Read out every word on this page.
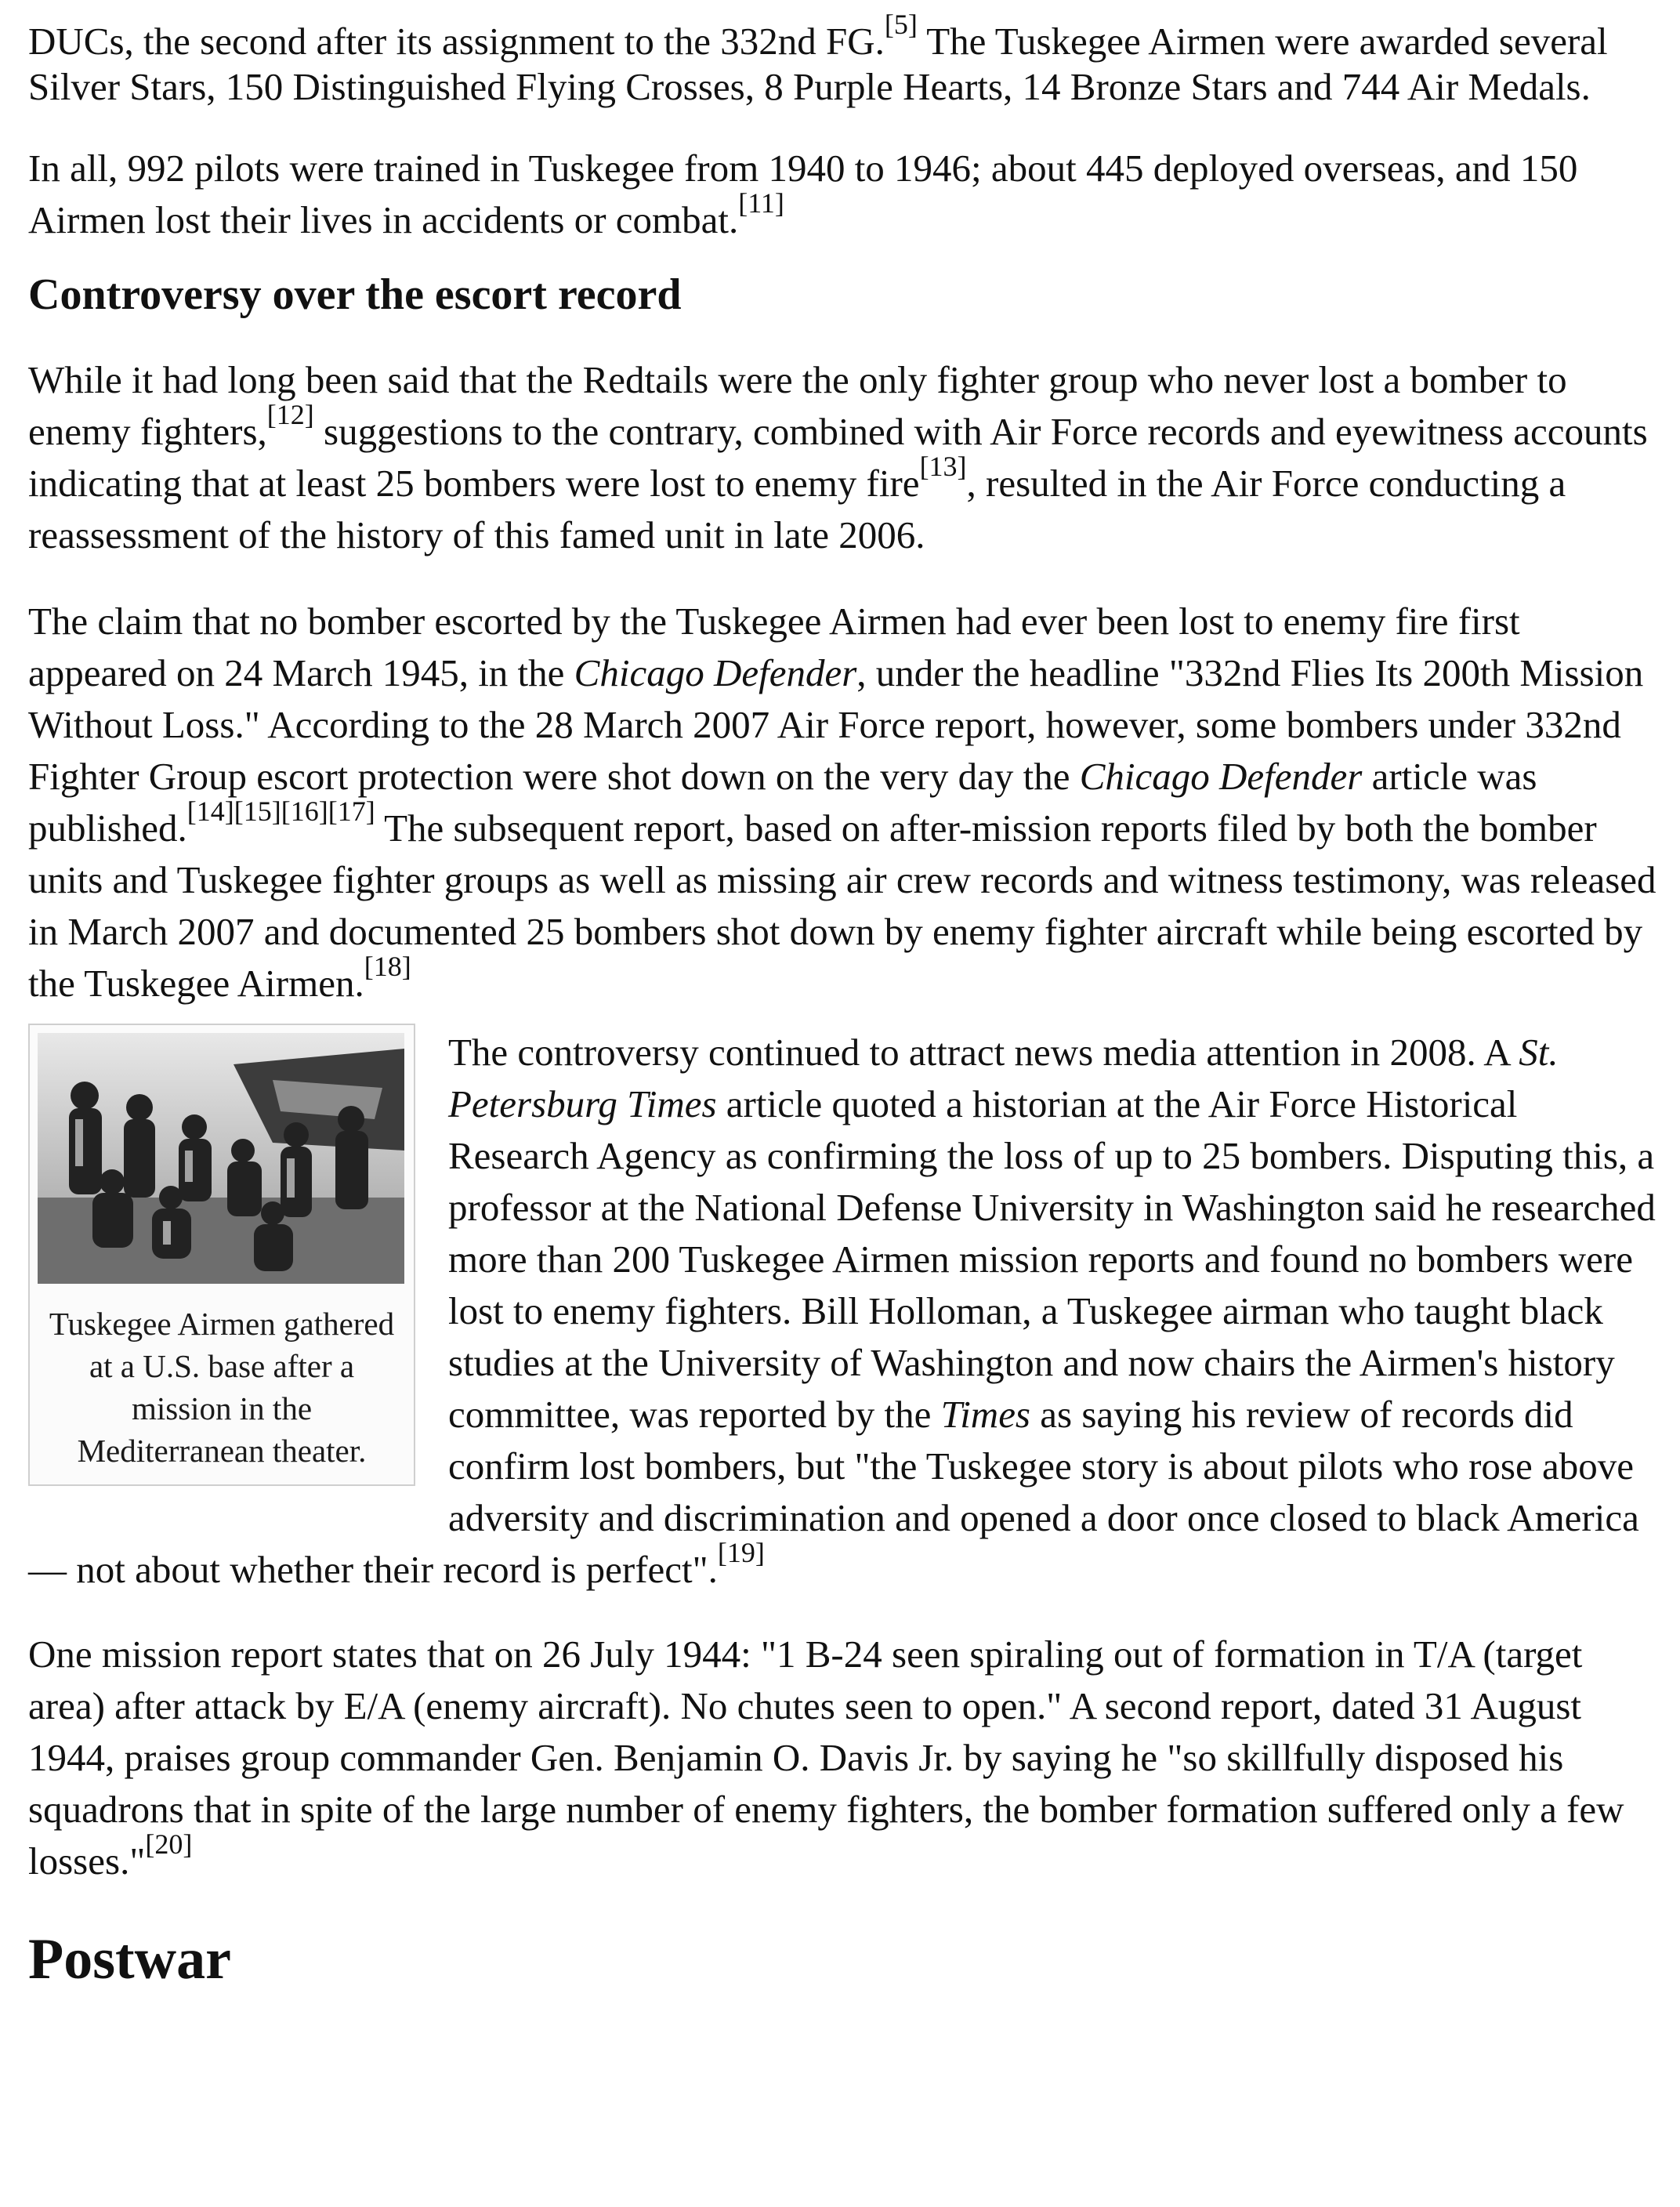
DUCs, the second after its assignment to the 332nd FG.[5] The Tuskegee Airmen were awarded several Silver Stars, 150 Distinguished Flying Crosses, 8 Purple Hearts, 14 Bronze Stars and 744 Air Medals.

In all, 992 pilots were trained in Tuskegee from 1940 to 1946; about 445 deployed overseas, and 150 Airmen lost their lives in accidents or combat.[11]

Controversy over the escort record

While it had long been said that the Redtails were the only fighter group who never lost a bomber to enemy fighters,[12] suggestions to the contrary, combined with Air Force records and eyewitness accounts indicating that at least 25 bombers were lost to enemy fire[13], resulted in the Air Force conducting a reassessment of the history of this famed unit in late 2006.

The claim that no bomber escorted by the Tuskegee Airmen had ever been lost to enemy fire first appeared on 24 March 1945, in the Chicago Defender, under the headline "332nd Flies Its 200th Mission Without Loss." According to the 28 March 2007 Air Force report, however, some bombers under 332nd Fighter Group escort protection were shot down on the very day the Chicago Defender article was published.[14][15][16][17] The subsequent report, based on after-mission reports filed by both the bomber units and Tuskegee fighter groups as well as missing air crew records and witness testimony, was released in March 2007 and documented 25 bombers shot down by enemy fighter aircraft while being escorted by the Tuskegee Airmen.[18]

Tuskegee Airmen gathered at a U.S. base after a mission in the Mediterranean theater.

The controversy continued to attract news media attention in 2008. A St. Petersburg Times article quoted a historian at the Air Force Historical Research Agency as confirming the loss of up to 25 bombers. Disputing this, a professor at the National Defense University in Washington said he researched more than 200 Tuskegee Airmen mission reports and found no bombers were lost to enemy fighters. Bill Holloman, a Tuskegee airman who taught black studies at the University of Washington and now chairs the Airmen's history committee, was reported by the Times as saying his review of records did confirm lost bombers, but "the Tuskegee story is about pilots who rose above adversity and discrimination and opened a door once closed to black America — not about whether their record is perfect".[19]

One mission report states that on 26 July 1944: "1 B-24 seen spiraling out of formation in T/A (target area) after attack by E/A (enemy aircraft). No chutes seen to open." A second report, dated 31 August 1944, praises group commander Gen. Benjamin O. Davis Jr. by saying he "so skillfully disposed his squadrons that in spite of the large number of enemy fighters, the bomber formation suffered only a few losses."[20]

Postwar
